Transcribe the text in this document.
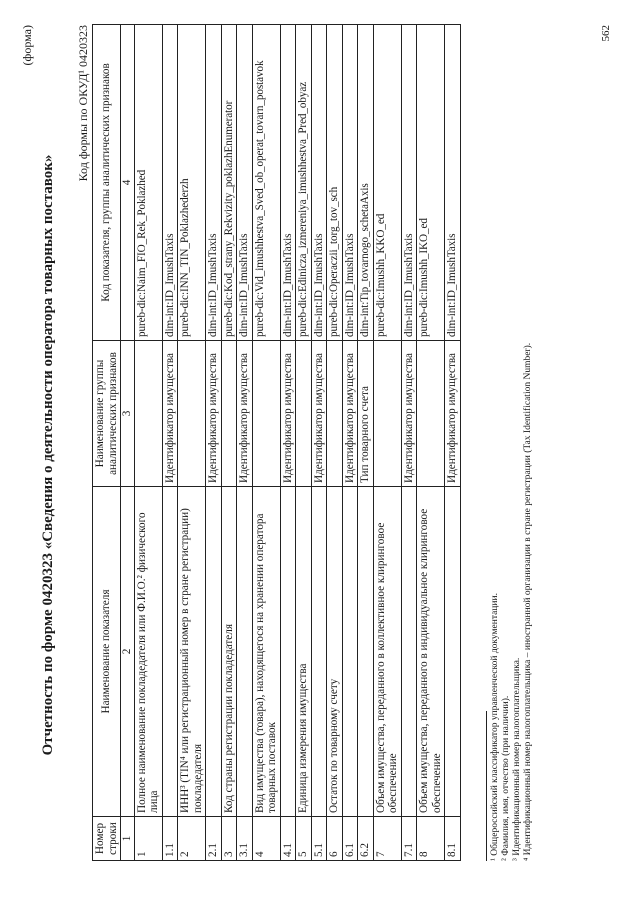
(форма)
Отчетность по форме 0420323 «Сведения о деятельности оператора товарных поставок»
Код формы по ОКУД¹ 0420323
Номер строки	Наименование показателя	Наименование группы аналитических признаков	Код показателя, группы аналитических признаков
1	2	3	4
1	Полное наименование покладедателя или Ф.И.О.² физического лица		pureb-dic:Naim_FIO_Rek_Poklazhed
1.1		Идентификатор имущества	dim-int:ID_ImushTaxis
2	ИНН³ (TIN⁴ или регистрационный номер в стране регистрации) покладедателя		pureb-dic:INN_TIN_Poklazhederzh
2.1		Идентификатор имущества	dim-int:ID_ImushTaxis
3	Код страны регистрации покладедателя		pureb-dic:Kod_strany_Rekvizity_poklazhEnumerator
3.1		Идентификатор имущества	dim-int:ID_ImushTaxis
4	Вид имущества (товара), находящегося на хранении оператора товарных поставок		pureb-dic:Vid_imushhestva_Sved_ob_operat_tovarn_postavok
4.1		Идентификатор имущества	dim-int:ID_ImushTaxis
5	Единица измерения имущества		pureb-dic:Edinicza_izmereniya_imushhestva_Pred_obyaz
5.1		Идентификатор имущества	dim-int:ID_ImushTaxis
6	Остаток по товарному счету		pureb-dic:Operaczii_torg_tov_sch
6.1		Идентификатор имущества	dim-int:ID_ImushTaxis
6.2		Тип товарного счета	dim-int:Tip_tovarnogo_schetaAxis
7	Объем имущества, переданного в коллективное клиринговое обеспечение		pureb-dic:Imushh_KKO_ed
7.1		Идентификатор имущества	dim-int:ID_ImushTaxis
8	Объем имущества, переданного в индивидуальное клиринговое обеспечение		pureb-dic:Imushh_IKO_ed
8.1		Идентификатор имущества	dim-int:ID_ImushTaxis
¹ Общероссийский классификатор управленческой документации. ² Фамилия, имя, отчество (при наличии). ³ Идентификационный номер налогоплательщика. ⁴ Идентификационный номер налогоплательщика – иностранной организации в стране регистрации (Tax Identification Number).
562
